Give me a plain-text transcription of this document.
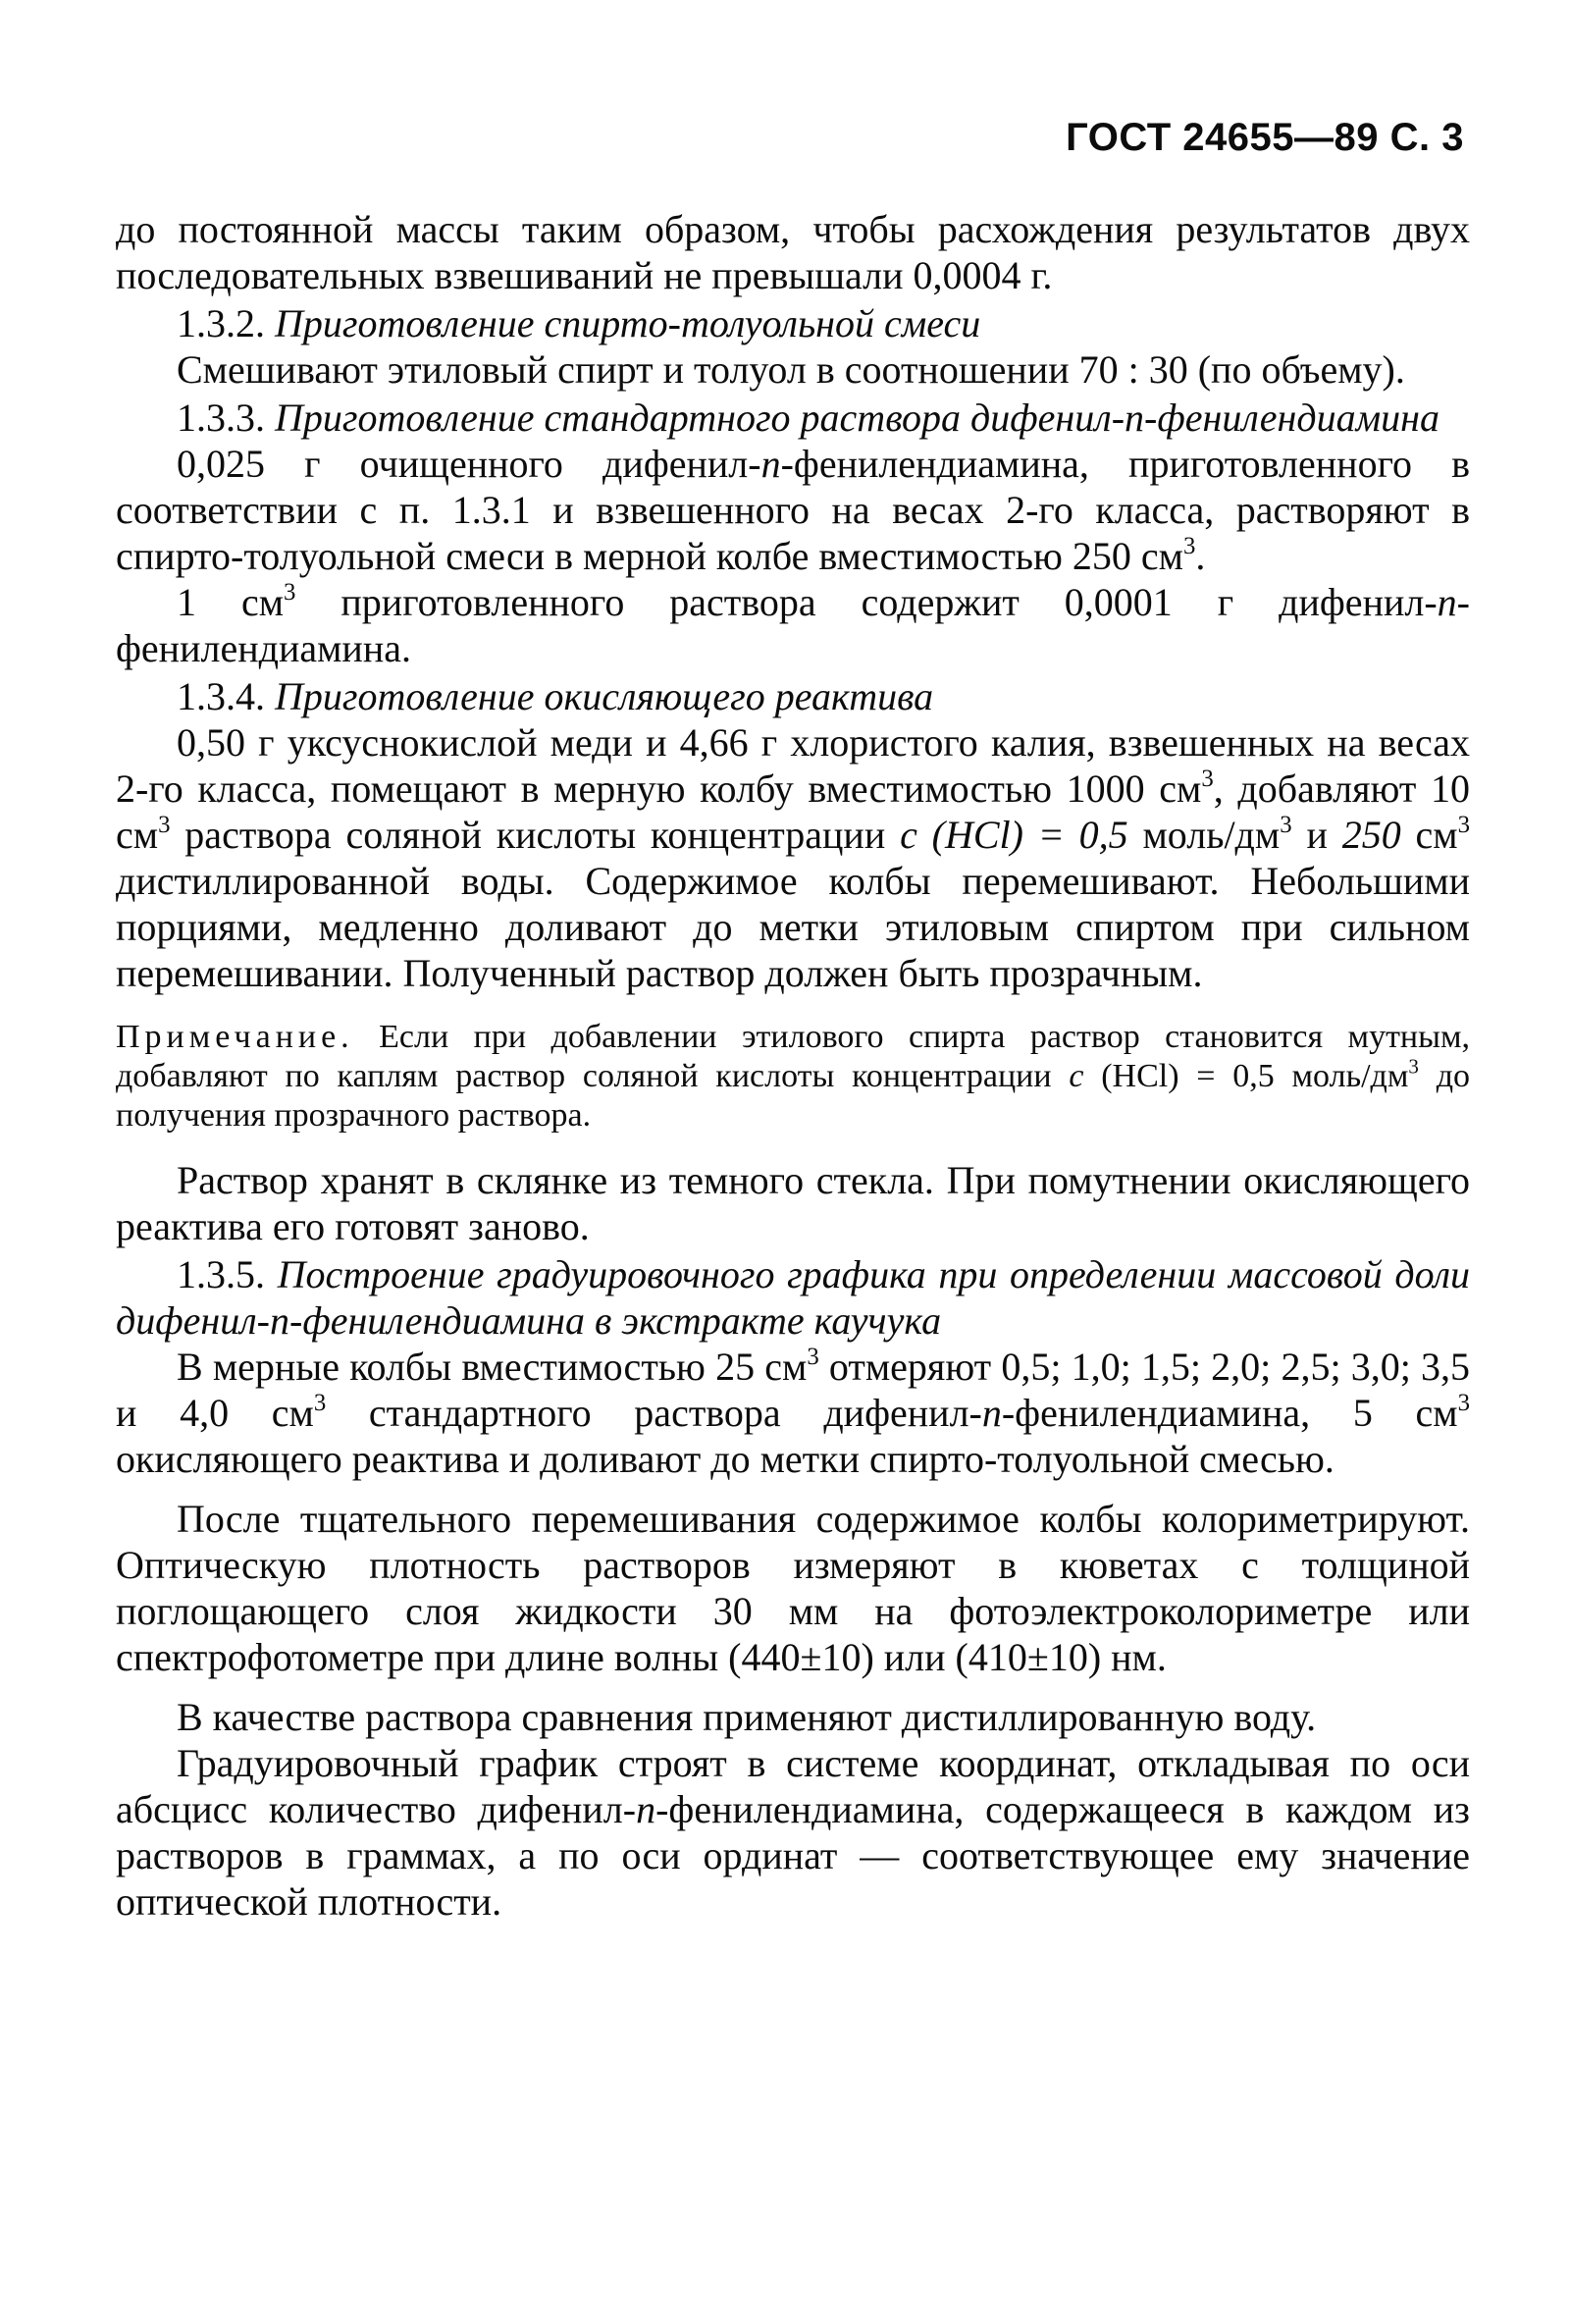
ГОСТ 24655—89 С. 3

до постоянной массы таким образом, чтобы расхождения результатов двух последовательных взвешиваний не превышали 0,0004 г.

1.3.2. Приготовление спирто-толуольной смеси

Смешивают этиловый спирт и толуол в соотношении 70 : 30 (по объему).

1.3.3. Приготовление стандартного раствора дифенил-п-фенилендиамина

0,025 г очищенного дифенил-п-фенилендиамина, приготовленного в соответствии с п. 1.3.1 и взвешенного на весах 2-го класса, растворяют в спирто-толуольной смеси в мерной колбе вместимостью 250 $см^3$.

1 $см^3$ приготовленного раствора содержит 0,0001 г дифенил-п-фенилендиамина.

1.3.4. Приготовление окисляющего реактива

0,50 г уксуснокислой меди и 4,66 г хлористого калия, взвешенных на весах 2-го класса, помещают в мерную колбу вместимостью 1000 $см^3$, добавляют 10 $см^3$ раствора соляной кислоты концентрации с (HCl) = 0,5 моль/$дм^3$ и 250 $см^3$ дистиллированной воды. Содержимое колбы перемешивают. Небольшими порциями, медленно доливают до метки этиловым спиртом при сильном перемешивании. Полученный раствор должен быть прозрачным.

Примечание. Если при добавлении этилового спирта раствор становится мутным, добавляют по каплям раствор соляной кислоты концентрации с (HCl) = 0,5 моль/$дм^3$ до получения прозрачного раствора.

Раствор хранят в склянке из темного стекла. При помутнении окисляющего реактива его готовят заново.

1.3.5. Построение градуировочного графика при определении массовой доли дифенил-п-фенилендиамина в экстракте каучука

В мерные колбы вместимостью 25 $см^3$ отмеряют 0,5; 1,0; 1,5; 2,0; 2,5; 3,0; 3,5 и 4,0 $см^3$ стандартного раствора дифенил-п-фенилендиамина, 5 $см^3$ окисляющего реактива и доливают до метки спирто-толуольной смесью.

После тщательного перемешивания содержимое колбы колориметрируют. Оптическую плотность растворов измеряют в кюветах с толщиной поглощающего слоя жидкости 30 мм на фотоэлектроколориметре или спектрофотометре при длине волны (440±10) или (410±10) нм.

В качестве раствора сравнения применяют дистиллированную воду.

Градуировочный график строят в системе координат, откладывая по оси абсцисс количество дифенил-п-фенилендиамина, содержащееся в каждом из растворов в граммах, а по оси ординат — соответствующее ему значение оптической плотности.
